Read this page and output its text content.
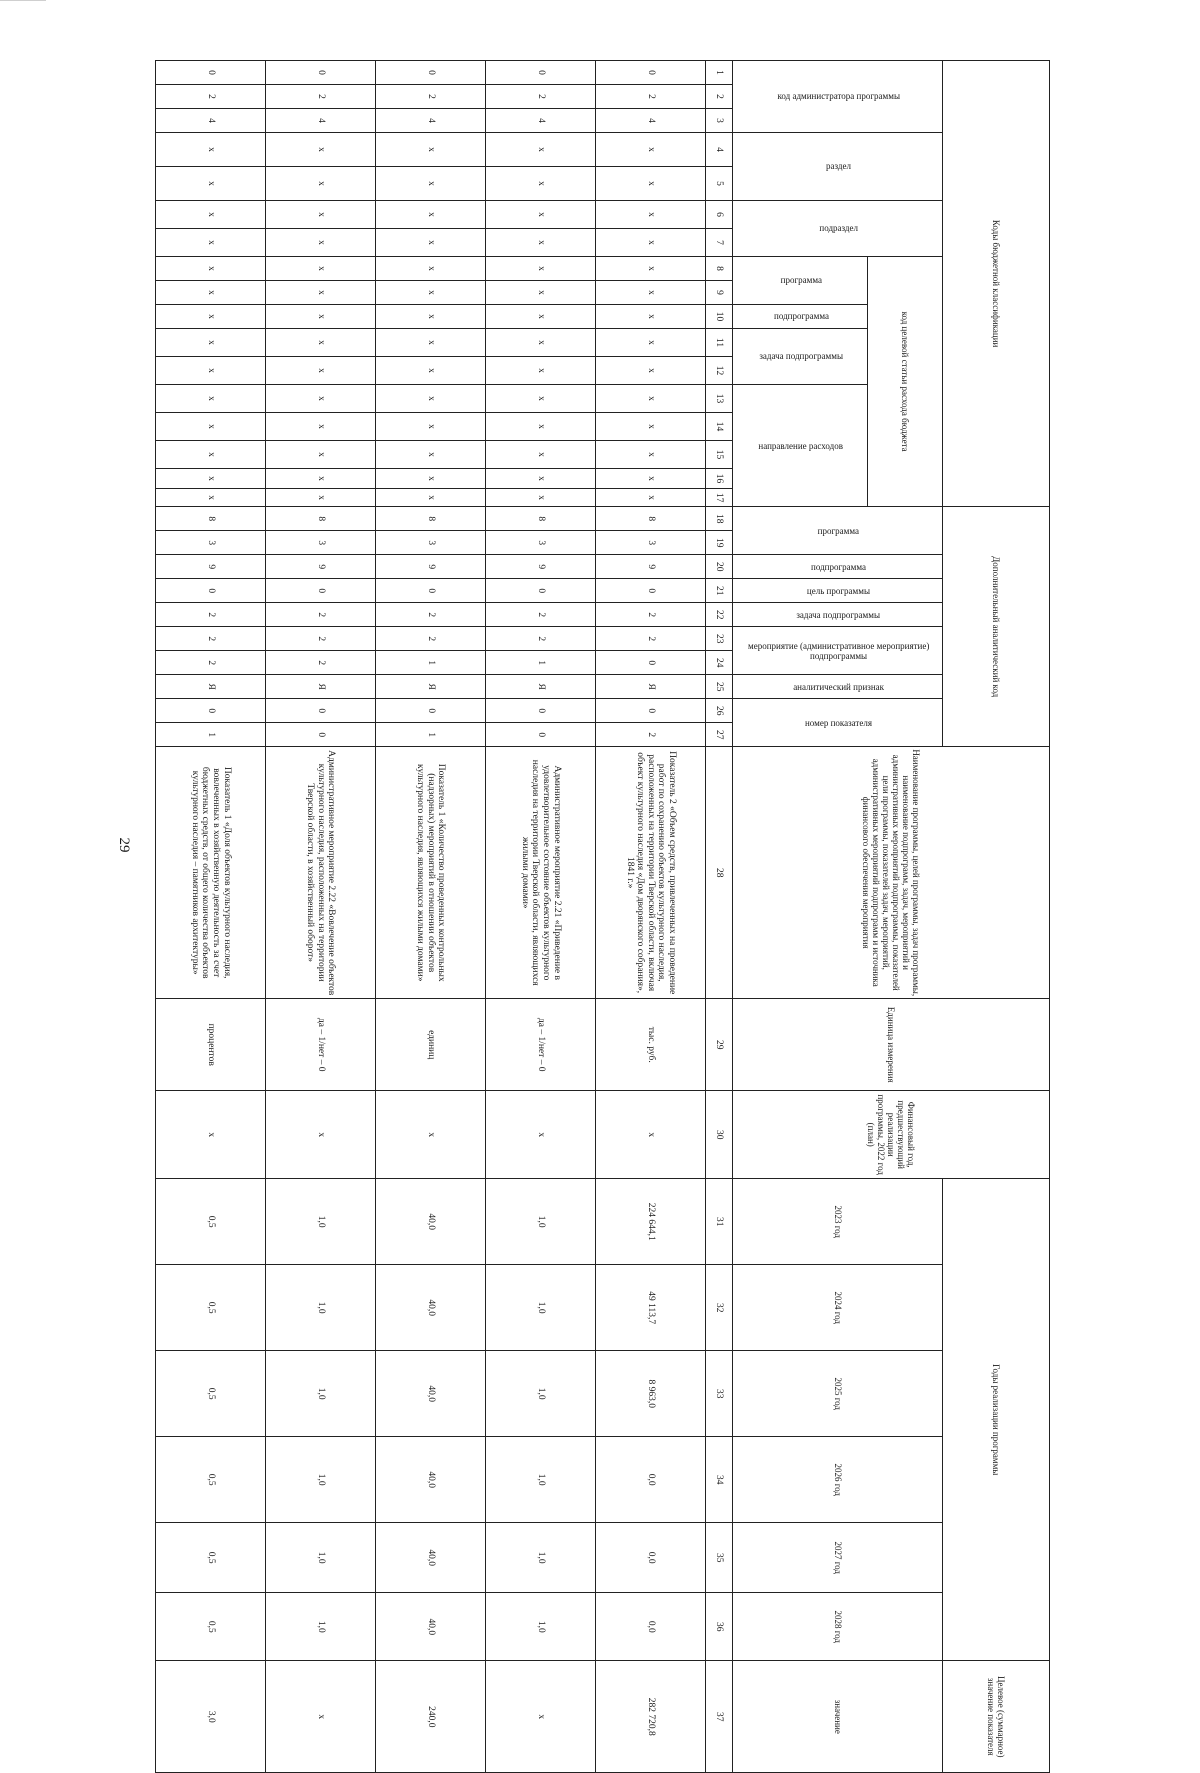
29
Коды бюджетной классификации																	Дополнительный аналитический код										Наименование программы, целей программы, задач программы, наименование подпрограмм, задач, мероприятий и административных мероприятий подпрограммы, показателей цели программы, показателей задач, мероприятий, административных мероприятий подпрограмм и источника финансового обеспечения мероприятия	Единица измерения	Финансовый год, предшествующий реализации программы, 2022 год (план)	Годы реализации программы						Целевое (суммарное) значение показателя
код администратора программы			раздел		подраздел		код целевой статьи расхода бюджета										программа		подпрограмма	цель программы	задача подпрограммы	мероприятие (административное мероприятие) подпрограммы		аналитический признак	номер показателя					2023 год	2024 год	2025 год	2026 год	2027 год	2028 год	значение
							программа		подпрограмма	задача подпрограммы		направление расходов																								
1	2	3	4	5	6	7	8	9	10	11	12	13	14	15	16	17	18	19	20	21	22	23	24	25	26	27	28	29	30	31	32	33	34	35	36	37
0	2	4	x	x	x	x	x	x	x	x	x	x	x	x	x	x	8	3	9	0	2	2	0	Я	0	2	Показатель 2 «Объем средств, привлеченных на проведение работ по сохранению объектов культурного наследия, расположенных на территории Тверской области, включая объект культурного наследия «Дом дворянского собрания», 1841 г.»	тыс. руб.	x	224 644,1	49 113,7	8 963,0	0,0	0,0	0,0	282 720,8
0	2	4	x	x	x	x	x	x	x	x	x	x	x	x	x	x	8	3	9	0	2	2	1	Я	0	0	Административное мероприятие 2.21 «Приведение в удовлетворительное состояние объектов культурного наследия на территории Тверской области, являющихся жилыми домами»	да – 1/нет – 0	x	1,0	1,0	1,0	1,0	1,0	1,0	x
0	2	4	x	x	x	x	x	x	x	x	x	x	x	x	x	x	8	3	9	0	2	2	1	Я	0	1	Показатель 1 «Количество проведенных контрольных (надзорных) мероприятий в отношении объектов культурного наследия, являющихся жилыми домами»	единиц	x	40,0	40,0	40,0	40,0	40,0	40,0	240,0
0	2	4	x	x	x	x	x	x	x	x	x	x	x	x	x	x	8	3	9	0	2	2	2	Я	0	0	Административное мероприятие 2.22 «Вовлечение объектов культурного наследия, расположенных на территории Тверской области, в хозяйственный оборот»	да – 1/нет – 0	x	1,0	1,0	1,0	1,0	1,0	1,0	x
0	2	4	x	x	x	x	x	x	x	x	x	x	x	x	x	x	8	3	9	0	2	2	2	Я	0	1	Показатель 1 «Доля объектов культурного наследия, вовлеченных в хозяйственную деятельность за счет бюджетных средств, от общего количества объектов культурного наследия – памятников архитектуры»	процентов	x	0,5	0,5	0,5	0,5	0,5	0,5	3,0
